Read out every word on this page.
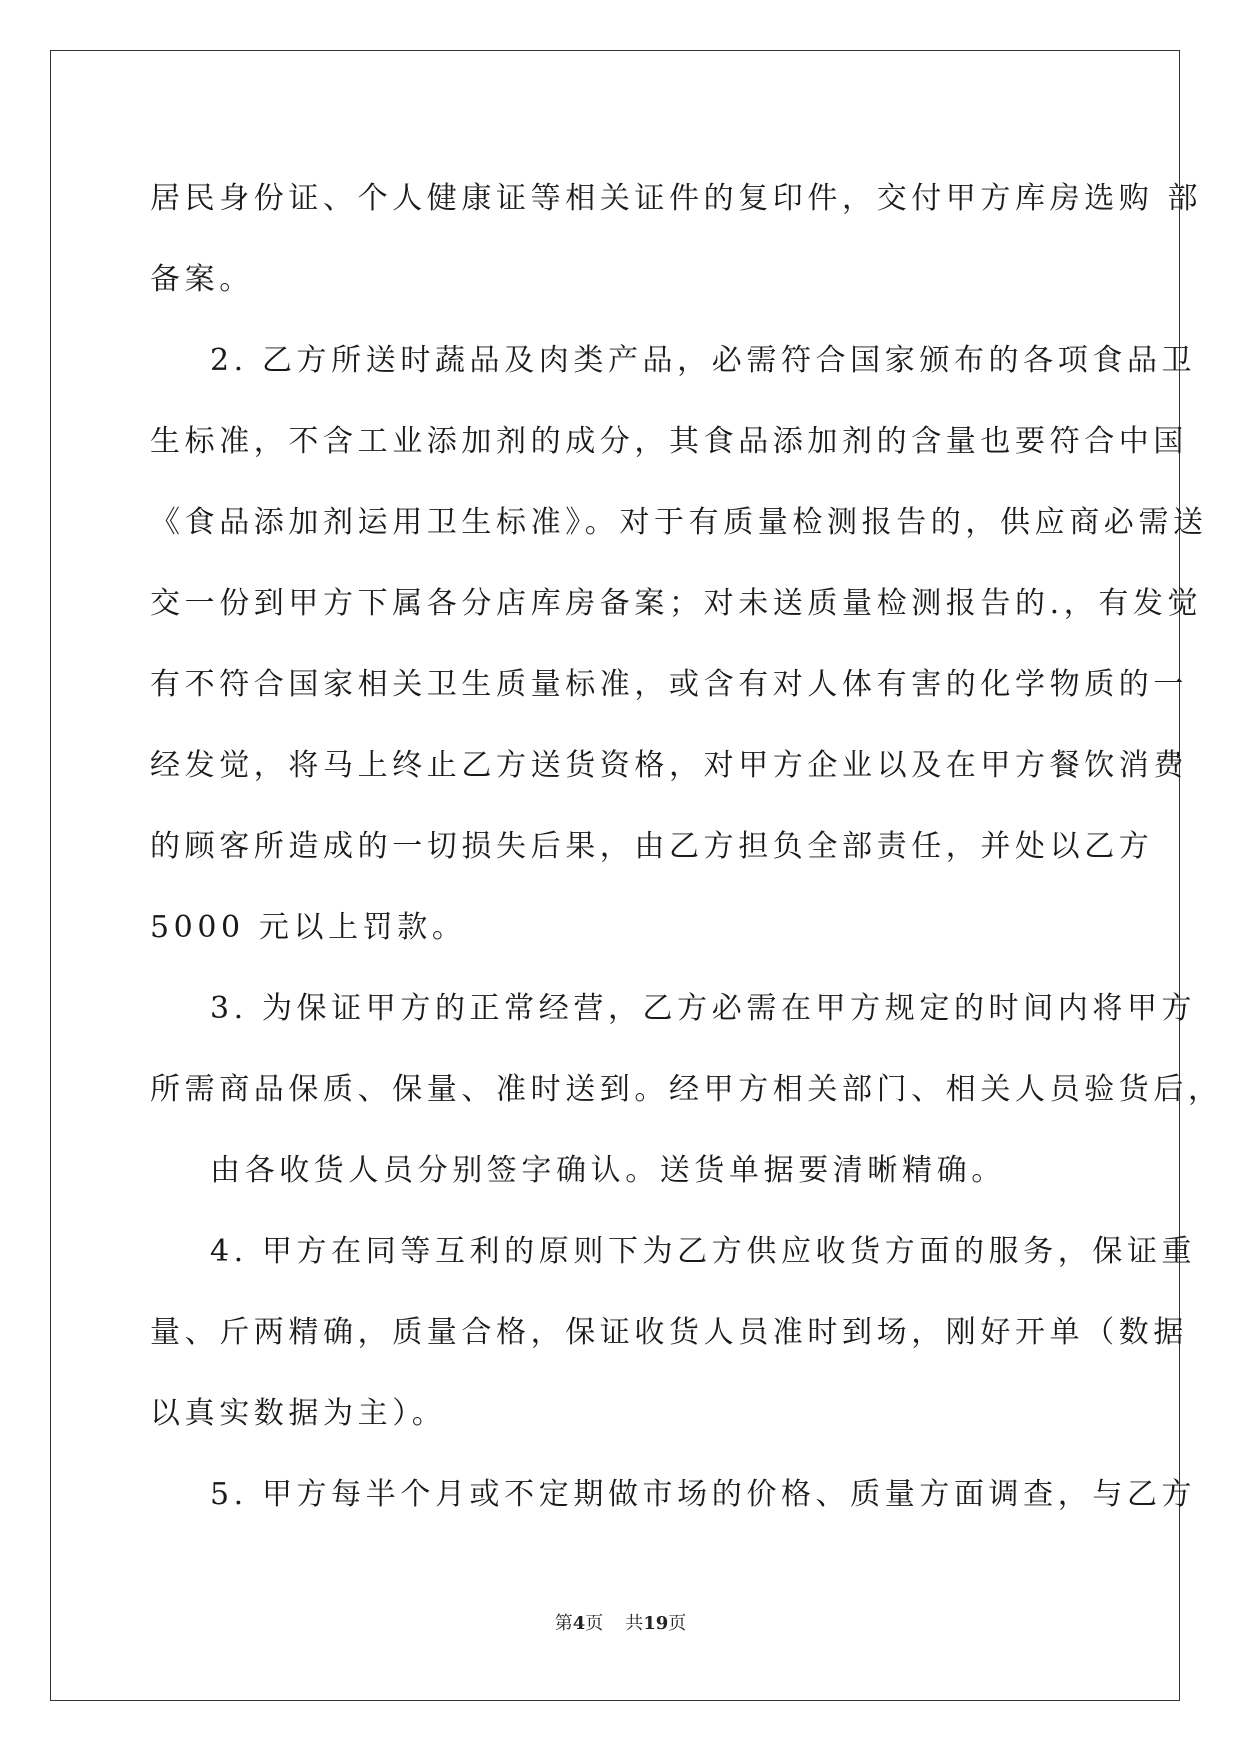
居民身份证、个人健康证等相关证件的复印件，交付甲方库房选购 部
备案。
2. 乙方所送时蔬品及肉类产品，必需符合国家颁布的各项食品卫
生标准，不含工业添加剂的成分，其食品添加剂的含量也要符合中国
《食品添加剂运用卫生标准》。对于有质量检测报告的，供应商必需送
交一份到甲方下属各分店库房备案；对未送质量检测报告的.，有发觉
有不符合国家相关卫生质量标准，或含有对人体有害的化学物质的一
经发觉，将马上终止乙方送货资格，对甲方企业以及在甲方餐饮消费
的顾客所造成的一切损失后果，由乙方担负全部责任，并处以乙方
5000 元以上罚款。
3. 为保证甲方的正常经营，乙方必需在甲方规定的时间内将甲方
所需商品保质、保量、准时送到。经甲方相关部门、相关人员验货后，
由各收货人员分别签字确认。送货单据要清晰精确。
4. 甲方在同等互利的原则下为乙方供应收货方面的服务，保证重
量、斤两精确，质量合格，保证收货人员准时到场，刚好开单（数据
以真实数据为主）。
5. 甲方每半个月或不定期做市场的价格、质量方面调查，与乙方
第4页 共19页
